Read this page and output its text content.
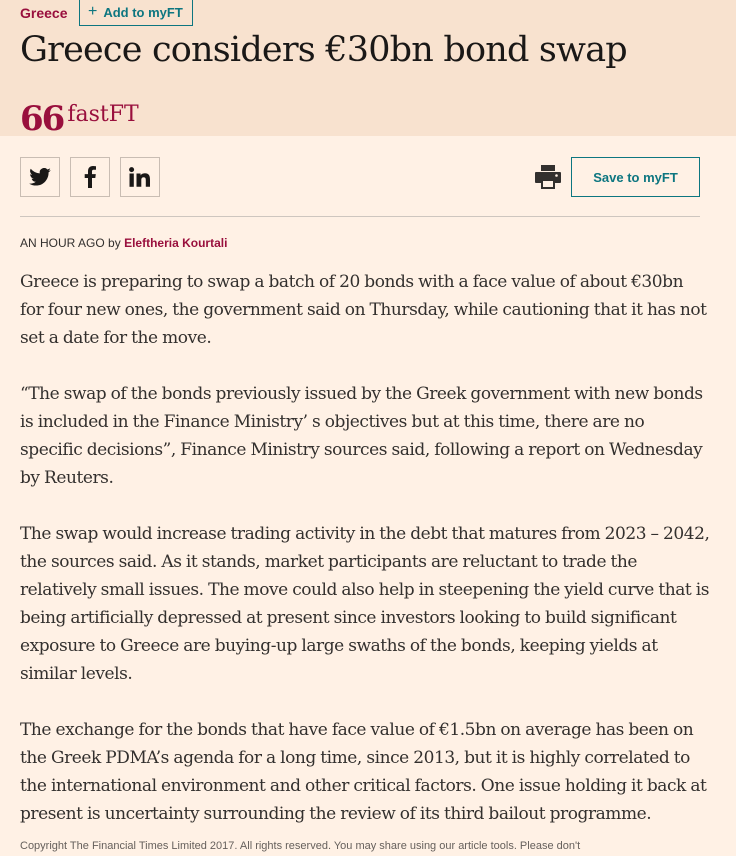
Greece + Add to myFT
Greece considers €30bn bond swap
66 fastFT
Save to myFT
AN HOUR AGO by Eleftheria Kourtali

Greece is preparing to swap a batch of 20 bonds with a face value of about €30bn for four new ones, the government said on Thursday, while cautioning that it has not set a date for the move.

“The swap of the bonds previously issued by the Greek government with new bonds is included in the Finance Ministry’ s objectives but at this time, there are no specific decisions”, Finance Ministry sources said, following a report on Wednesday by Reuters.

The swap would increase trading activity in the debt that matures from 2023 – 2042, the sources said. As it stands, market participants are reluctant to trade the relatively small issues. The move could also help in steepening the yield curve that is being artificially depressed at present since investors looking to build significant exposure to Greece are buying-up large swaths of the bonds, keeping yields at similar levels.

The exchange for the bonds that have face value of €1.5bn on average has been on the Greek PDMA’s agenda for a long time, since 2013, but it is highly correlated to the international environment and other critical factors. One issue holding it back at present is uncertainty surrounding the review of its third bailout programme.

Copyright The Financial Times Limited 2017. All rights reserved. You may share using our article tools. Please don't
